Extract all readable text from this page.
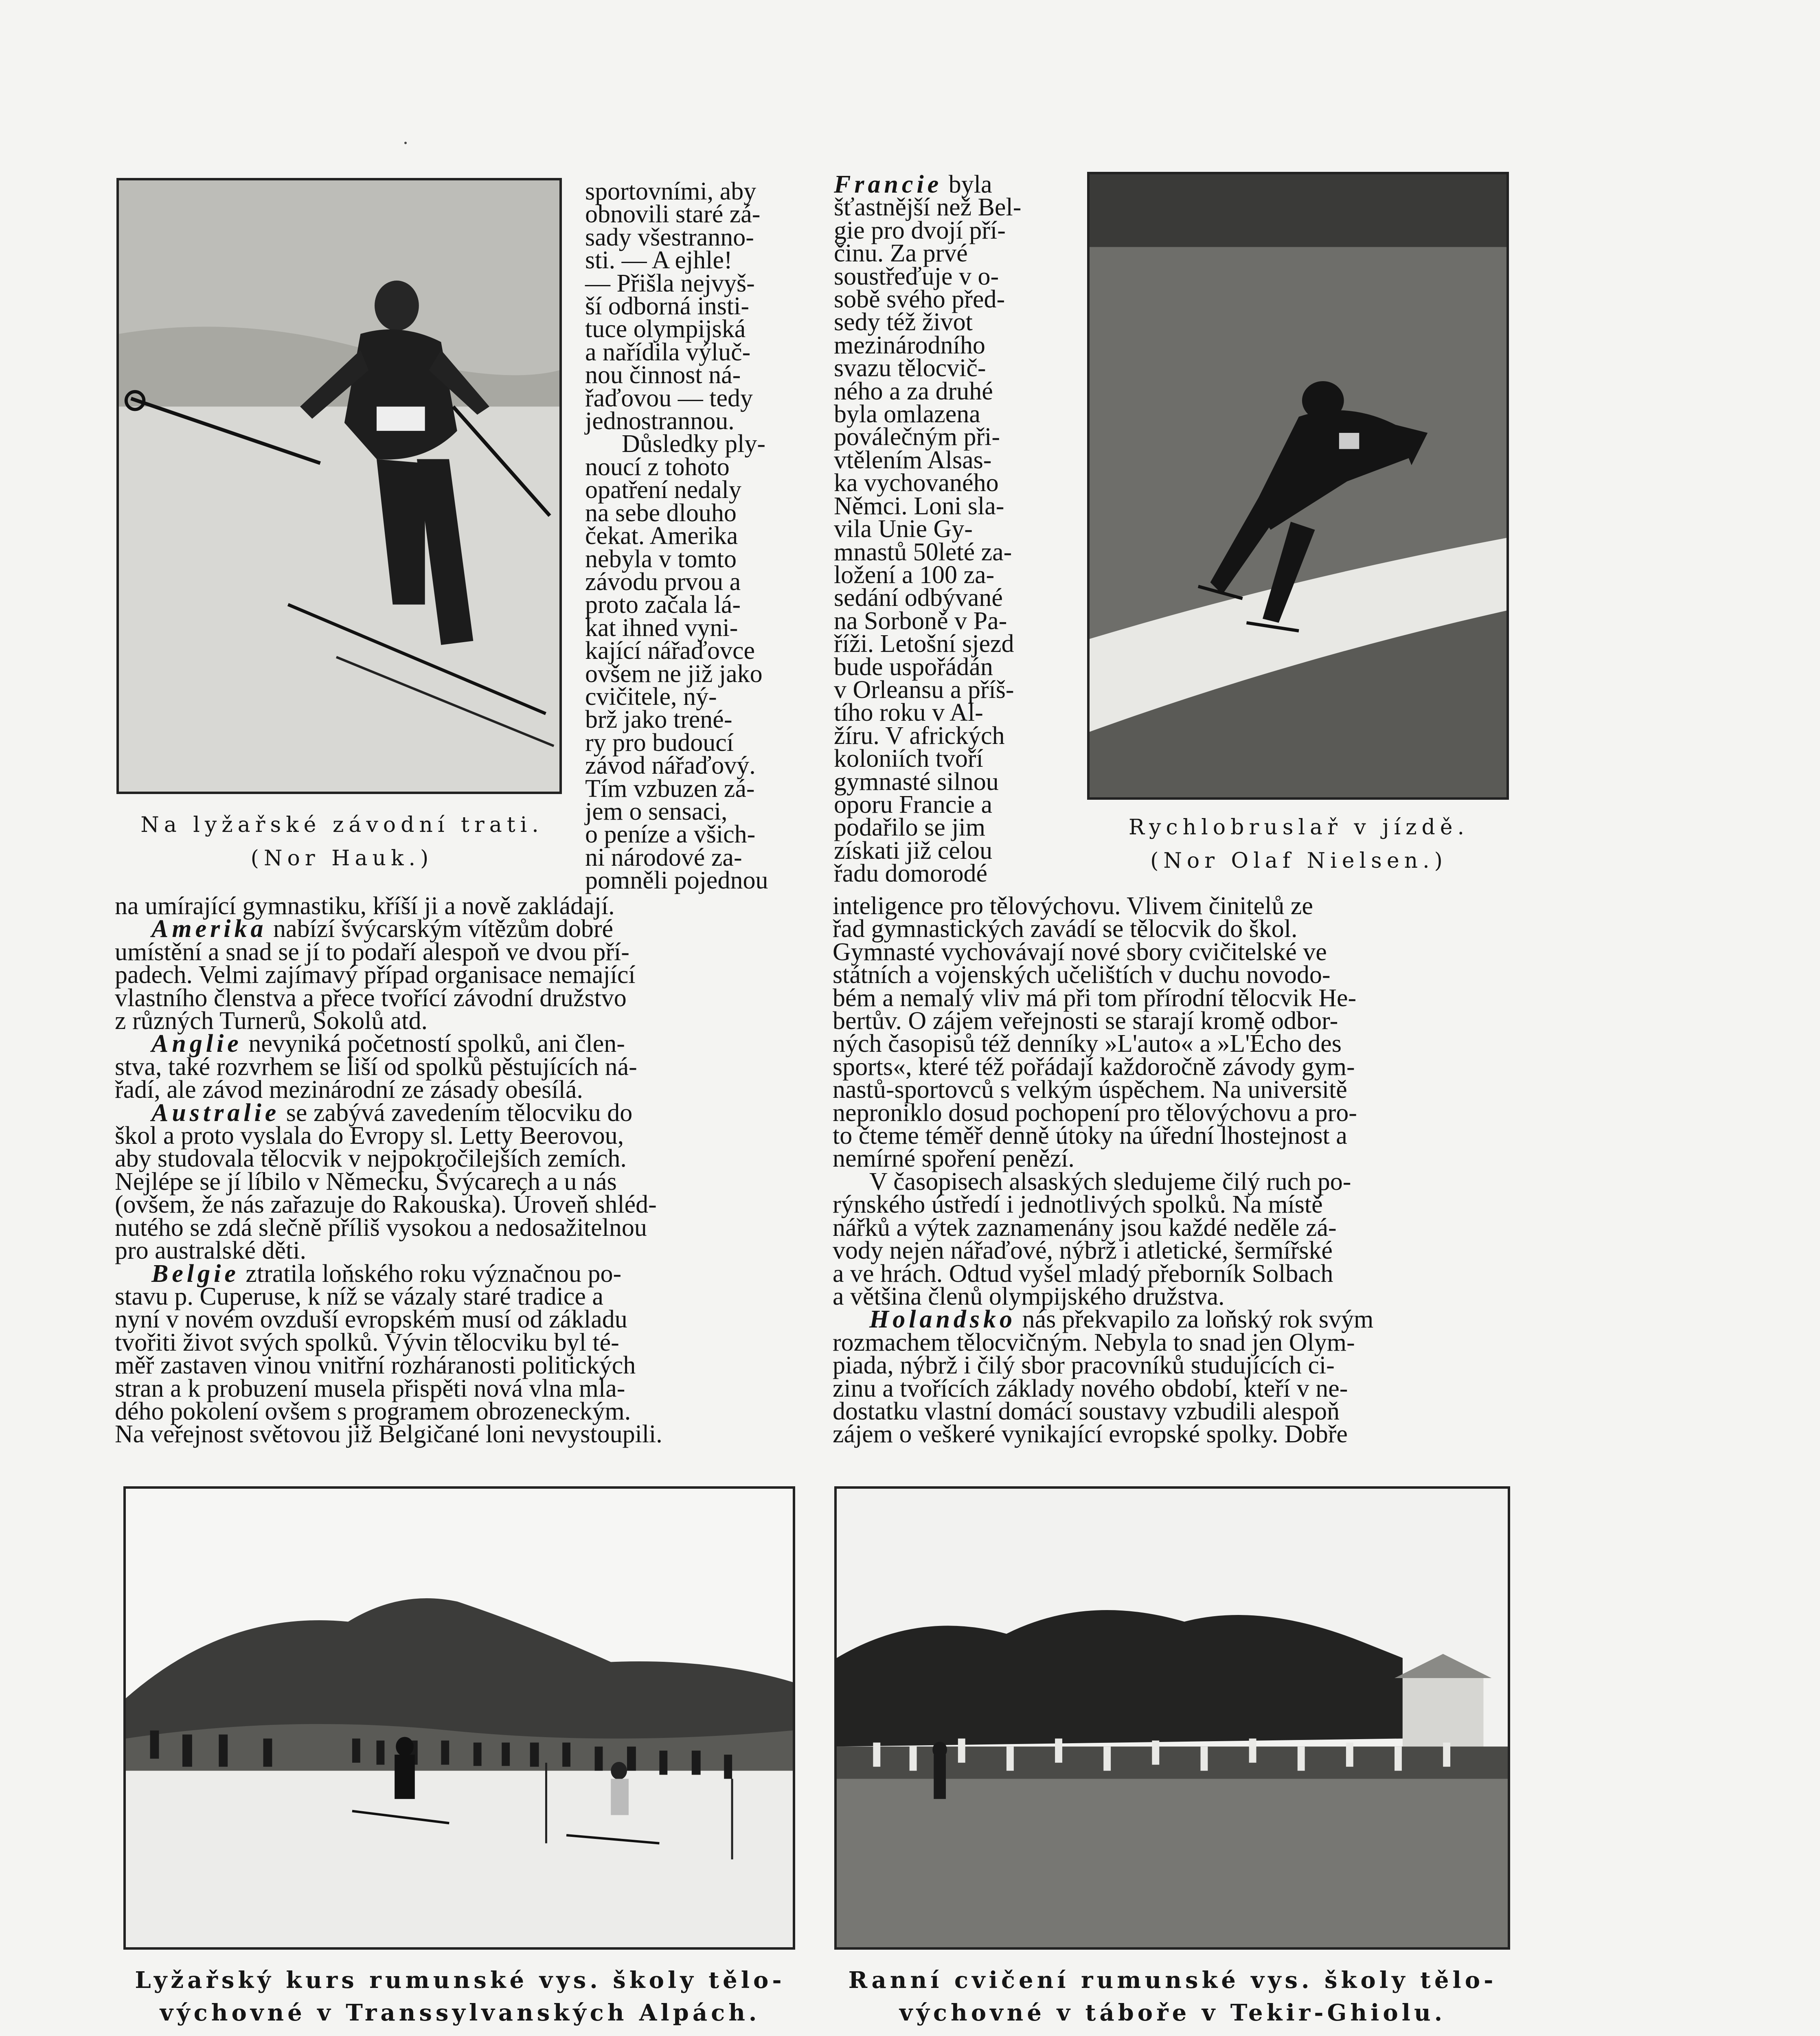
Na lyžařské závodní trati.
(Nor Hauk.)

sportovními, aby

obnovili staré zá-

sady všestranno-

sti. — A ejhle!

— Přišla nejvyš-

ší odborná insti-

tuce olympijská

a nařídila výluč-

nou činnost ná-

řaďovou — tedy

jednostrannou.

Důsledky ply-

noucí z tohoto

opatření nedaly

na sebe dlouho

čekat. Amerika

nebyla v tomto

závodu prvou a

proto začala lá-

kat ihned vyni-

kající nářaďovce

ovšem ne již jako

cvičitele, ný-

brž jako trené-

ry pro budoucí

závod nářaďový.

Tím vzbuzen zá-

jem o sensaci,

o peníze a všich-

ni národové za-

pomněli pojednou

Francie byla

šťastnější než Bel-

gie pro dvojí pří-

činu. Za prvé

soustřeďuje v o-

sobě svého před-

sedy též život

mezinárodního

svazu tělocvič-

ného a za druhé

byla omlazena

poválečným při-

vtělením Alsas-

ka vychovaného

Němci. Loni sla-

vila Unie Gy-

mnastů 50leté za-

ložení a 100 za-

sedání odbývané

na Sorboně v Pa-

říži. Letošní sjezd

bude uspořádán

v Orleansu a příš-

tího roku v Al-

žíru. V afrických

koloniích tvoří

gymnasté silnou

oporu Francie a

podařilo se jim

získati již celou

řadu domorodé

Rychlobruslař v jízdě.
(Nor Olaf Nielsen.)

na umírající gymnastiku, kříší ji a nově zakládají.

Amerika nabízí švýcarským vítězům dobré

umístění a snad se jí to podaří alespoň ve dvou pří-

padech. Velmi zajímavý případ organisace nemající

vlastního členstva a přece tvořící závodní družstvo

z různých Turnerů, Sokolů atd.

Anglie nevyniká početností spolků, ani člen-

stva, také rozvrhem se liší od spolků pěstujících ná-

řadí, ale závod mezinárodní ze zásady obesílá.

Australie se zabývá zavedením tělocviku do

škol a proto vyslala do Evropy sl. Letty Beerovou,

aby studovala tělocvik v nejpokročilejších zemích.

Nejlépe se jí líbilo v Německu, Švýcarech a u nás

(ovšem, že nás zařazuje do Rakouska). Úroveň shléd-

nutého se zdá slečně příliš vysokou a nedosažitelnou

pro australské děti.

Belgie ztratila loňského roku význačnou po-

stavu p. Cuperuse, k níž se vázaly staré tradice a

nyní v novém ovzduší evropském musí od základu

tvořiti život svých spolků. Vývin tělocviku byl té-

měř zastaven vinou vnitřní rozháranosti politických

stran a k probuzení musela přispěti nová vlna mla-

dého pokolení ovšem s programem obrozeneckým.

Na veřejnost světovou již Belgičané loni nevystoupili.

inteligence pro tělovýchovu. Vlivem činitelů ze

řad gymnastických zavádí se tělocvik do škol.

Gymnasté vychovávají nové sbory cvičitelské ve

státních a vojenských učelištích v duchu novodo-

bém a nemalý vliv má při tom přírodní tělocvik He-

bertův. O zájem veřejnosti se starají kromě odbor-

ných časopisů též denníky »L'auto« a »L'Écho des

sports«, které též pořádají každoročně závody gym-

nastů-sportovců s velkým úspěchem. Na universitě

neproniklo dosud pochopení pro tělovýchovu a pro-

to čteme téměř denně útoky na úřední lhostejnost a

nemírné spoření penězí.

V časopisech alsaských sledujeme čilý ruch po-

rýnského ústředí i jednotlivých spolků. Na místě

nářků a výtek zaznamenány jsou každé neděle zá-

vody nejen nářaďové, nýbrž i atletické, šermířské

a ve hrách. Odtud vyšel mladý přeborník Solbach

a většina členů olympijského družstva.

Holandsko nás překvapilo za loňský rok svým

rozmachem tělocvičným. Nebyla to snad jen Olym-

piada, nýbrž i čilý sbor pracovníků studujících ci-

zinu a tvořících základy nového období, kteří v ne-

dostatku vlastní domácí soustavy vzbudili alespoň

zájem o veškeré vynikající evropské spolky. Dobře

Lyžařský kurs rumunské vys. školy tělo-
výchovné v Transsylvanských Alpách.
Ranní cvičení rumunské vys. školy tělo-
výchovné v táboře v Tekir-Ghiolu.
